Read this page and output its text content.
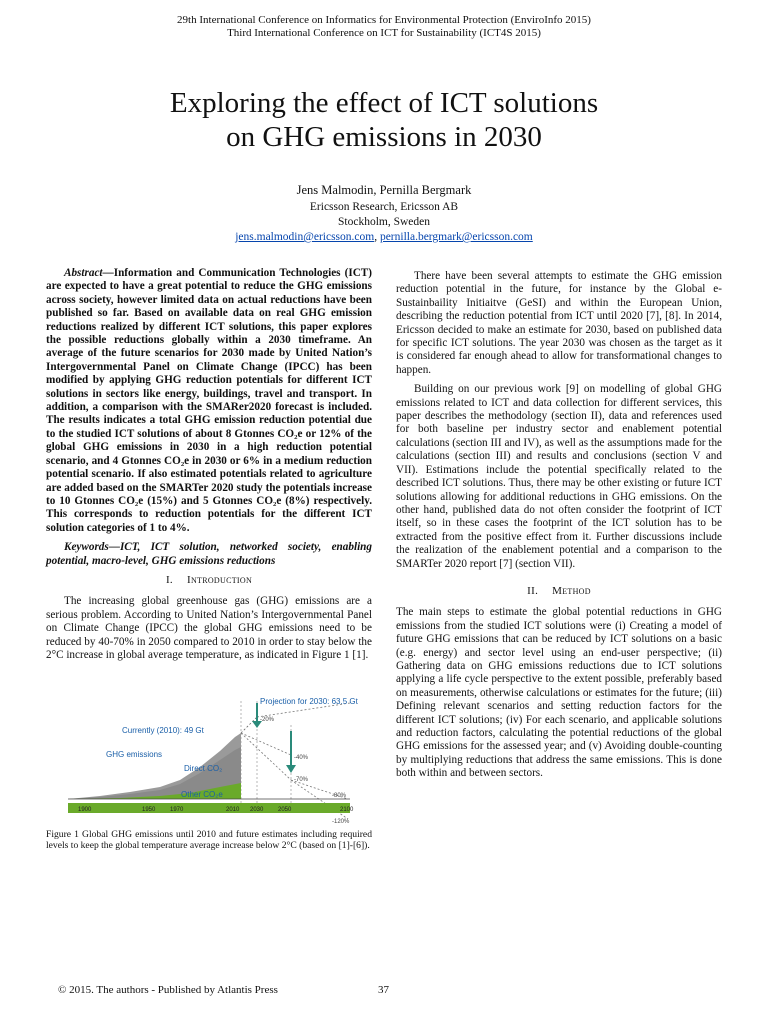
29th International Conference on Informatics for Environmental Protection (EnviroInfo 2015)
Third International Conference on ICT for Sustainability (ICT4S 2015)
Exploring the effect of ICT solutions
on GHG emissions in 2030
Jens Malmodin, Pernilla Bergmark
Ericsson Research, Ericsson AB
Stockholm, Sweden
jens.malmodin@ericsson.com, pernilla.bergmark@ericsson.com

Abstract—Information and Communication Technologies (ICT) are expected to have a great potential to reduce the GHG emissions across society, however limited data on actual reductions have been published so far. Based on available data on real GHG emission reductions realized by different ICT solutions, this paper explores the possible reductions globally within a 2030 timeframe. An average of the future scenarios for 2030 made by United Nation’s Intergovernmental Panel on Climate Change (IPCC) has been modified by applying GHG reduction potentials for different ICT solutions in sectors like energy, buildings, travel and transport. In addition, a comparison with the SMARer2020 forecast is included. The results indicates a total GHG emission reduction potential due to the studied ICT solutions of about 8 Gtonnes CO₂e or 12% of the global GHG emissions in 2030 in a high reduction potential scenario, and 4 Gtonnes CO₂e in 2030 or 6% in a medium reduction potential scenario. If also estimated potentials related to agriculture are added based on the SMARTer 2020 study the potentials increase to 10 Gtonnes CO₂e (15%) and 5 Gtonnes CO₂e (8%) respectively. This corresponds to reduction potentials for the different ICT solution categories of 1 to 4%.

Keywords—ICT, ICT solution, networked society, enabling potential, macro-level, GHG emissions reductions

I. Introduction

The increasing global greenhouse gas (GHG) emissions are a serious problem. According to United Nation’s Intergovernmental Panel on Climate Change (IPCC) the global GHG emissions need to be reduced by 40-70% in 2050 compared to 2010 in order to stay below the 2°C increase in global average temperature, as indicated in Figure 1 [1].

Projection for 2030: 63.5 Gt
Currently (2010): 49 Gt
GHG emissions
Direct CO₂
Other CO₂e
-20%
-40%
-70%
-80%
-120%
1900	1950 1970	2010 2030 2050	2100
Figure 1 Global GHG emissions until 2010 and future estimates including required levels to keep the global temperature average increase below 2°C (based on [1]-[6]).

There have been several attempts to estimate the GHG emission reduction potential in the future, for instance by the Global e-Sustainbaility Initiaitve (GeSI) and within the European Union, describing the reduction potential from ICT until 2020 [7], [8]. In 2014, Ericsson decided to make an estimate for 2030, based on published data for specific ICT solutions. The year 2030 was chosen as the target as it is considered far enough ahead to allow for transformational changes to happen.

Building on our previous work [9] on modelling of global GHG emissions related to ICT and data collection for different services, this paper describes the methodology (section II), data and references used for both baseline per industry sector and enablement potential calculations (section III and IV), as well as the assumptions made for the calculations (section III) and results and conclusions (section V and VII). Estimations include the potential specifically related to the described ICT solutions. Thus, there may be other existing or future ICT solutions allowing for additional reductions in GHG emissions. On the other hand, published data do not often consider the footprint of ICT itself, so in these cases the footprint of the ICT solution has to be extracted from the positive effect from it. Further discussions include the realization of the enablement potential and a comparison to the SMARTer 2020 report [7] (section VII).

II. Method

The main steps to estimate the global potential reductions in GHG emissions from the studied ICT solutions were (i) Creating a model of future GHG emissions that can be reduced by ICT solutions on a basic (e.g. energy) and sector level using an end-user perspective; (ii) Gathering data on GHG emissions reductions due to ICT solutions applying a life cycle perspective to the extent possible, preferably based on measurements, otherwise calculations or estimates for the future; (iii) Defining relevant scenarios and setting reduction factors for the different ICT solutions; (iv) For each scenario, and applicable solutions and reduction factors, calculating the potential reductions of the global GHG emissions for the assessed year; and (v) Avoiding double-counting by multiplying reductions that address the same emissions. This is done both within and between sectors.

© 2015. The authors - Published by Atlantis Press	37
